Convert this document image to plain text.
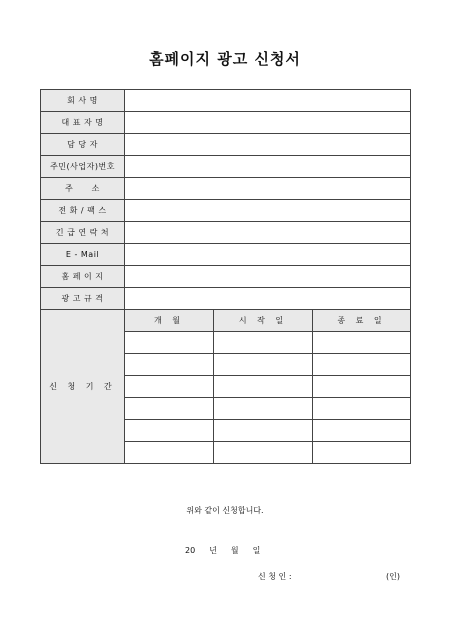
홈페이지 광고 신청서
회 사 명			
대 표 자 명			
담 당 자			
주민(사업자)번호			
주      소			
전 화 / 팩 스			
긴 급 연 락 처			
E - Mail			
홈 페 이 지			
광 고 규 격			
신 청 기 간	개 월	시 작 일	종 료 일

위와 같이 신청합니다.
20 년 월 일
신 청 인 :	(인)
